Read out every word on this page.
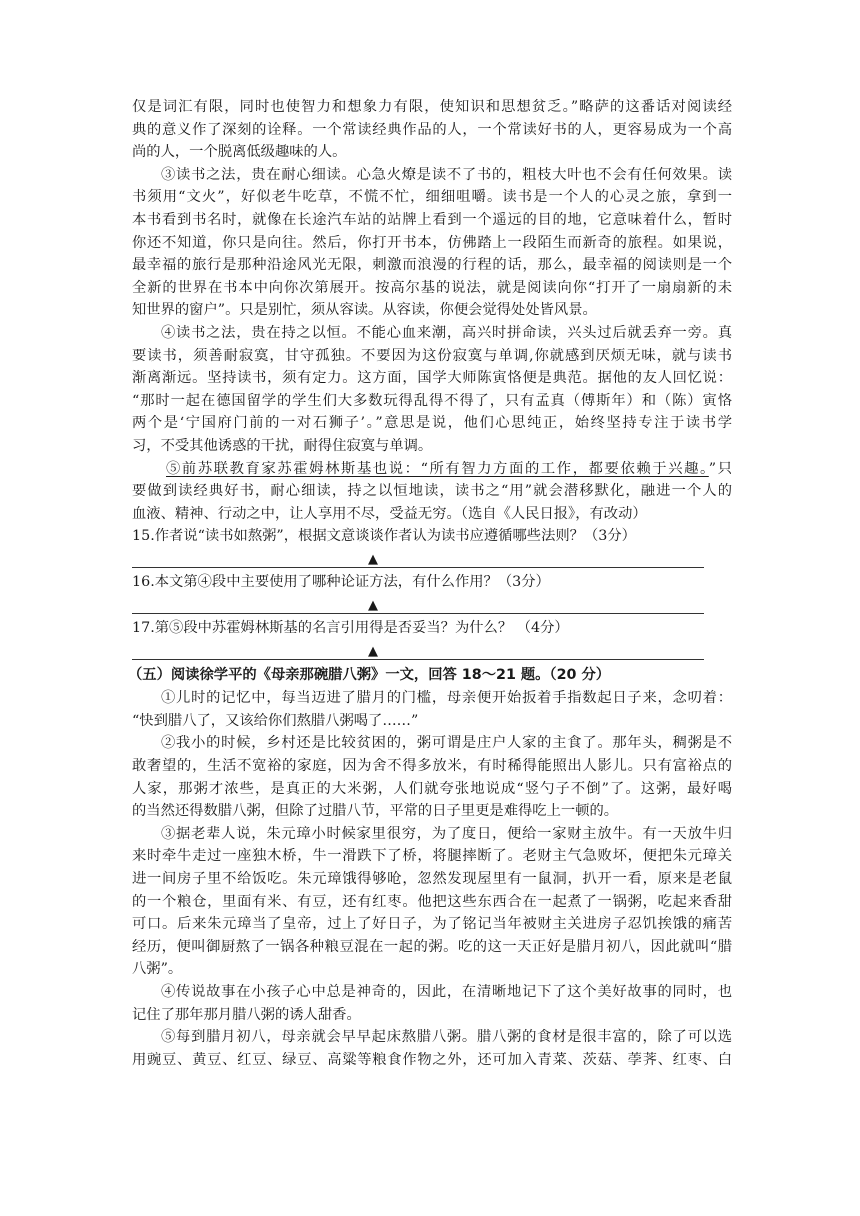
仅是词汇有限，同时也使智力和想象力有限，使知识和思想贫乏。”略萨的这番话对阅读经
典的意义作了深刻的诠释。一个常读经典作品的人，一个常读好书的人，更容易成为一个高
尚的人，一个脱离低级趣味的人。
③读书之法，贵在耐心细读。心急火燎是读不了书的，粗枝大叶也不会有任何效果。读
书须用“文火”，好似老牛吃草，不慌不忙，细细咀嚼。读书是一个人的心灵之旅，拿到一
本书看到书名时，就像在长途汽车站的站牌上看到一个遥远的目的地，它意味着什么，暂时
你还不知道，你只是向往。然后，你打开书本，仿佛踏上一段陌生而新奇的旅程。如果说，
最幸福的旅行是那种沿途风光无限，刺激而浪漫的行程的话，那么，最幸福的阅读则是一个
全新的世界在书本中向你次第展开。按高尔基的说法，就是阅读向你“打开了一扇扇新的未
知世界的窗户”。只是别忙，须从容读。从容读，你便会觉得处处皆风景。
④读书之法，贵在持之以恒。不能心血来潮，高兴时拼命读，兴头过后就丢弃一旁。真
要读书，须善耐寂寞，甘守孤独。不要因为这份寂寞与单调,你就感到厌烦无味，就与读书
渐离渐远。坚持读书，须有定力。这方面，国学大师陈寅恪便是典范。据他的友人回忆说：
“那时一起在德国留学的学生们大多数玩得乱得不得了，只有孟真（傅斯年）和（陈）寅恪
两个是‘宁国府门前的一对石狮子’。”意思是说，他们心思纯正，始终坚持专注于读书学
习，不受其他诱惑的干扰，耐得住寂寞与单调。
⑤前苏联教育家苏霍姆林斯基也说：“所有智力方面的工作，都要依赖于兴趣。”只
要做到读经典好书，耐心细读，持之以恒地读，读书之“用”就会潜移默化，融进一个人的
血液、精神、行动之中，让人享用不尽，受益无穷。（选自《人民日报》，有改动）
15.作者说“读书如熬粥”，根据文意谈谈作者认为读书应遵循哪些法则？（3分）
▲
16.本文第④段中主要使用了哪种论证方法，有什么作用？（3分）
▲
17.第⑤段中苏霍姆林斯基的名言引用得是否妥当？为什么？ （4分）
▲
（五）阅读徐学平的《母亲那碗腊八粥》一文，回答 18～21 题。（20 分）
①儿时的记忆中，每当迈进了腊月的门槛，母亲便开始扳着手指数起日子来，念叨着：
“快到腊八了，又该给你们熬腊八粥喝了……”
②我小的时候，乡村还是比较贫困的，粥可谓是庄户人家的主食了。那年头，稠粥是不
敢奢望的，生活不宽裕的家庭，因为舍不得多放米，有时稀得能照出人影儿。只有富裕点的
人家，那粥才浓些，是真正的大米粥，人们就夸张地说成“竖勺子不倒”了。这粥，最好喝
的当然还得数腊八粥，但除了过腊八节，平常的日子里更是难得吃上一顿的。
③据老辈人说，朱元璋小时候家里很穷，为了度日，便给一家财主放牛。有一天放牛归
来时牵牛走过一座独木桥，牛一滑跌下了桥，将腿摔断了。老财主气急败坏，便把朱元璋关
进一间房子里不给饭吃。朱元璋饿得够呛，忽然发现屋里有一鼠洞，扒开一看，原来是老鼠
的一个粮仓，里面有米、有豆，还有红枣。他把这些东西合在一起煮了一锅粥，吃起来香甜
可口。后来朱元璋当了皇帝，过上了好日子，为了铭记当年被财主关进房子忍饥挨饿的痛苦
经历，便叫御厨熬了一锅各种粮豆混在一起的粥。吃的这一天正好是腊月初八，因此就叫“腊
八粥”。
④传说故事在小孩子心中总是神奇的，因此，在清晰地记下了这个美好故事的同时，也
记住了那年那月腊八粥的诱人甜香。
⑤每到腊月初八，母亲就会早早起床熬腊八粥。腊八粥的食材是很丰富的，除了可以选
用豌豆、黄豆、红豆、绿豆、高粱等粮食作物之外，还可加入青菜、茨菇、荸荠、红枣、白
